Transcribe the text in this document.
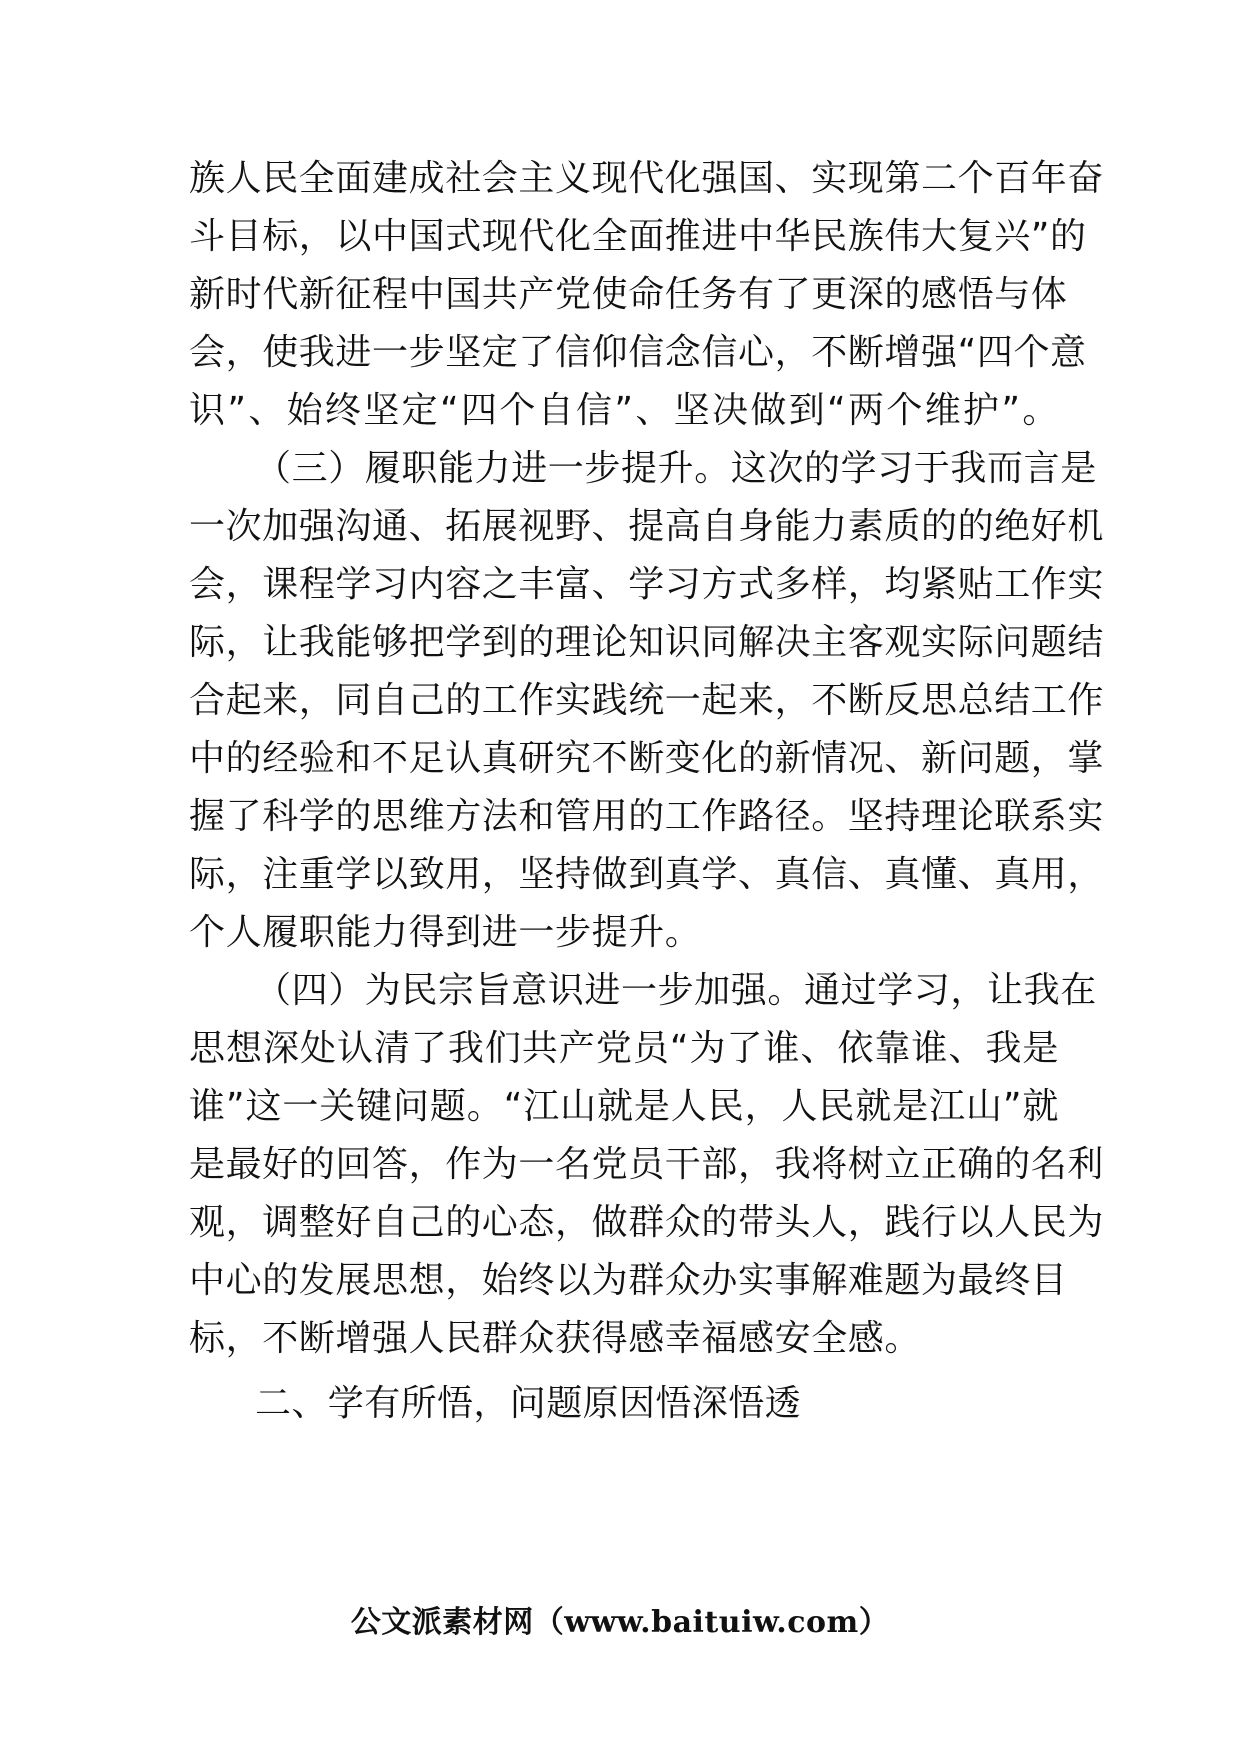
族人民全面建成社会主义现代化强国、实现第二个百年奋
斗目标，以中国式现代化全面推进中华民族伟大复兴”的
新时代新征程中国共产党使命任务有了更深的感悟与体
会，使我进一步坚定了信仰信念信心，不断增强“四个意
识”、始终坚定“四个自信”、坚决做到“两个维护”。
（三）履职能力进一步提升。这次的学习于我而言是
一次加强沟通、拓展视野、提高自身能力素质的的绝好机
会，课程学习内容之丰富、学习方式多样，均紧贴工作实
际，让我能够把学到的理论知识同解决主客观实际问题结
合起来，同自己的工作实践统一起来，不断反思总结工作
中的经验和不足认真研究不断变化的新情况、新问题，掌
握了科学的思维方法和管用的工作路径。坚持理论联系实
际，注重学以致用，坚持做到真学、真信、真懂、真用，
个人履职能力得到进一步提升。
（四）为民宗旨意识进一步加强。通过学习，让我在
思想深处认清了我们共产党员“为了谁、依靠谁、我是
谁”这一关键问题。“江山就是人民，人民就是江山”就
是最好的回答，作为一名党员干部，我将树立正确的名利
观，调整好自己的心态，做群众的带头人，践行以人民为
中心的发展思想，始终以为群众办实事解难题为最终目
标，不断增强人民群众获得感幸福感安全感。
二、学有所悟，问题原因悟深悟透
公文派素材网（www.baituiw.com）
